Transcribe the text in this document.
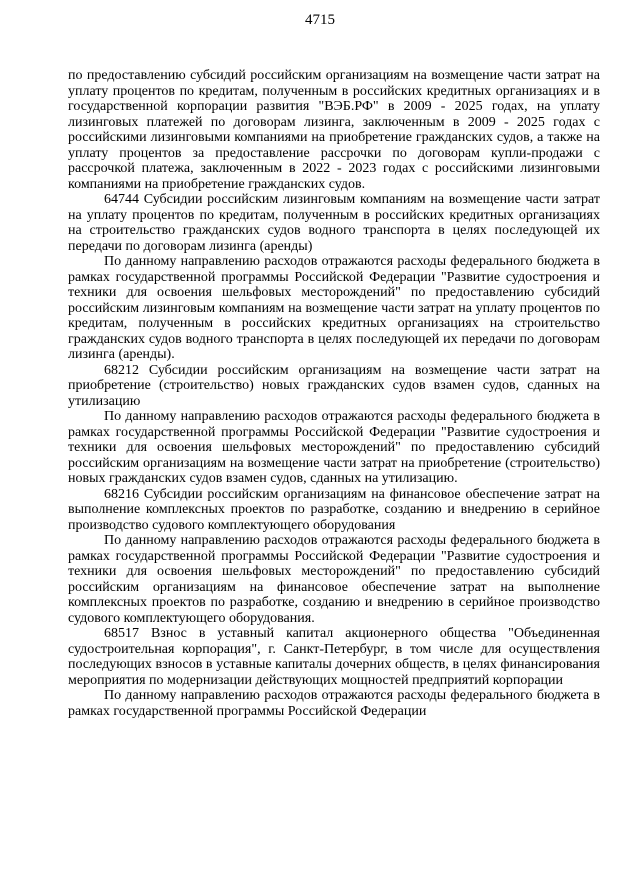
4715

по предоставлению субсидий российским организациям на возмещение части затрат на уплату процентов по кредитам, полученным в российских кредитных организациях и в государственной корпорации развития "ВЭБ.РФ" в 2009 - 2025 годах, на уплату лизинговых платежей по договорам лизинга, заключенным в 2009 - 2025 годах с российскими лизинговыми компаниями на приобретение гражданских судов, а также на уплату процентов за предоставление рассрочки по договорам купли-продажи с рассрочкой платежа, заключенным в 2022 - 2023 годах с российскими лизинговыми компаниями на приобретение гражданских судов.

64744 Субсидии российским лизинговым компаниям на возмещение части затрат на уплату процентов по кредитам, полученным в российских кредитных организациях на строительство гражданских судов водного транспорта в целях последующей их передачи по договорам лизинга (аренды)

По данному направлению расходов отражаются расходы федерального бюджета в рамках государственной программы Российской Федерации "Развитие судостроения и техники для освоения шельфовых месторождений" по предоставлению субсидий российским лизинговым компаниям на возмещение части затрат на уплату процентов по кредитам, полученным в российских кредитных организациях на строительство гражданских судов водного транспорта в целях последующей их передачи по договорам лизинга (аренды).

68212 Субсидии российским организациям на возмещение части затрат на приобретение (строительство) новых гражданских судов взамен судов, сданных на утилизацию

По данному направлению расходов отражаются расходы федерального бюджета в рамках государственной программы Российской Федерации "Развитие судостроения и техники для освоения шельфовых месторождений" по предоставлению субсидий российским организациям на возмещение части затрат на приобретение (строительство) новых гражданских судов взамен судов, сданных на утилизацию.

68216 Субсидии российским организациям на финансовое обеспечение затрат на выполнение комплексных проектов по разработке, созданию и внедрению в серийное производство судового комплектующего оборудования

По данному направлению расходов отражаются расходы федерального бюджета в рамках государственной программы Российской Федерации "Развитие судостроения и техники для освоения шельфовых месторождений" по предоставлению субсидий российским организациям на финансовое обеспечение затрат на выполнение комплексных проектов по разработке, созданию и внедрению в серийное производство судового комплектующего оборудования.

68517 Взнос в уставный капитал акционерного общества "Объединенная судостроительная корпорация", г. Санкт-Петербург, в том числе для осуществления последующих взносов в уставные капиталы дочерних обществ, в целях финансирования мероприятия по модернизации действующих мощностей предприятий корпорации

По данному направлению расходов отражаются расходы федерального бюджета в рамках государственной программы Российской Федерации
